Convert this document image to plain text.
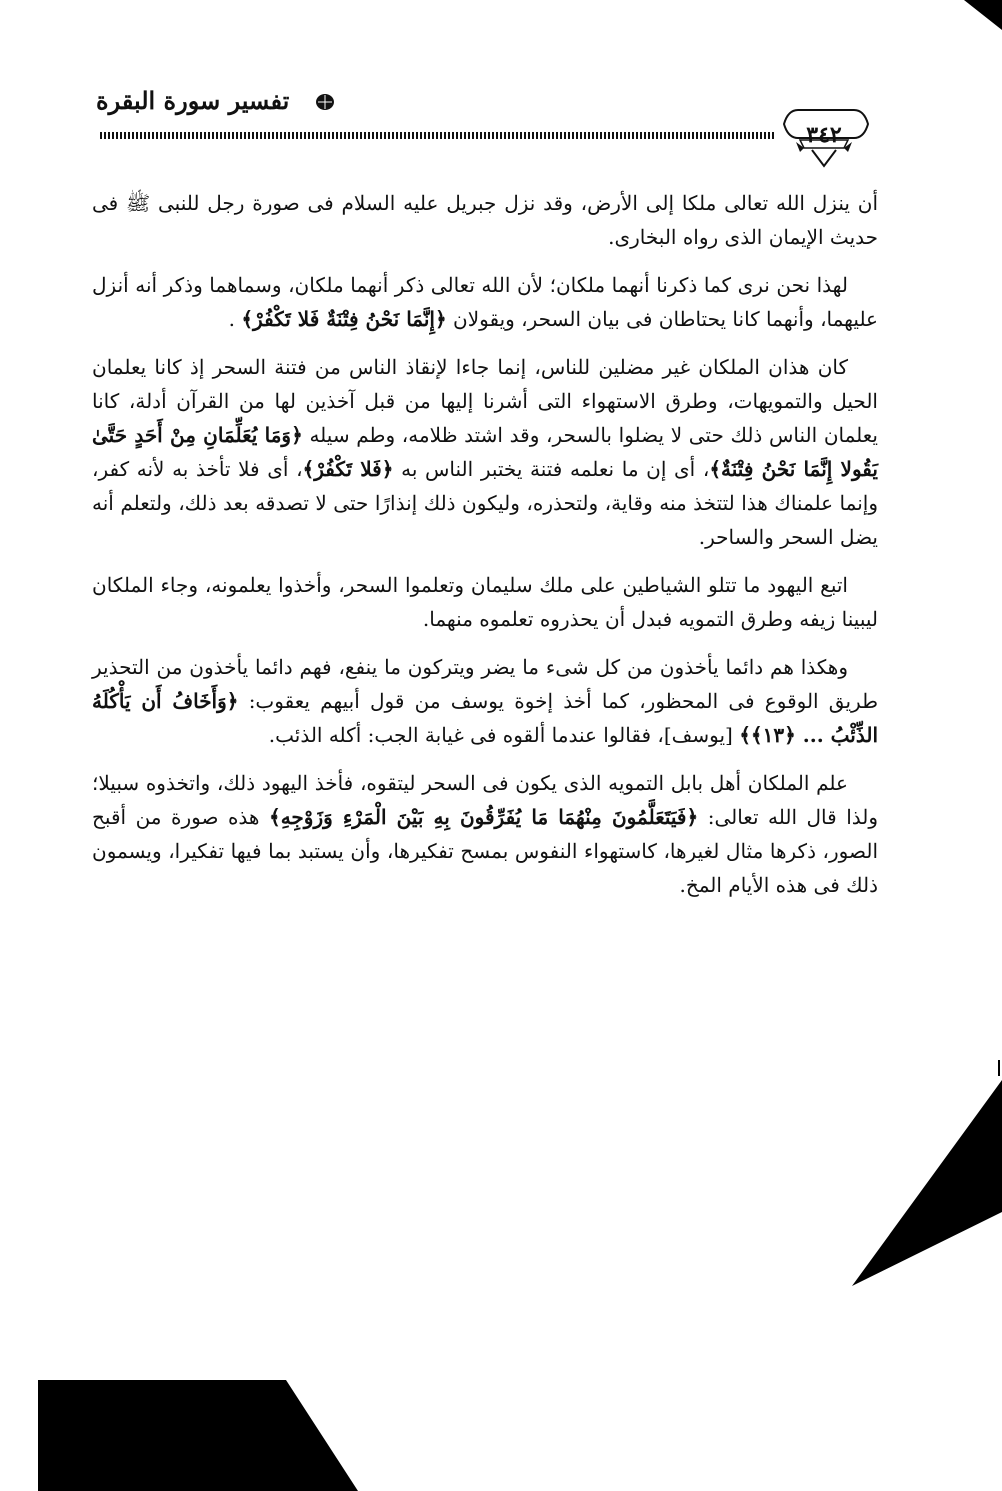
تفسير سورة البقرة
٣٤٢

أن ينزل الله تعالى ملكا إلى الأرض، وقد نزل جبريل عليه السلام فى صورة رجل للنبى ﷺ فى حديث الإيمان الذى رواه البخارى.

لهذا نحن نرى كما ذكرنا أنهما ملكان؛ لأن الله تعالى ذكر أنهما ملكان، وسماهما وذكر أنه أنزل عليهما، وأنهما كانا يحتاطان فى بيان السحر، ويقولان ﴿إِنَّمَا نَحْنُ فِتْنَةٌ فَلا تَكْفُرْ﴾ .

كان هذان الملكان غير مضلين للناس، إنما جاءا لإنقاذ الناس من فتنة السحر إذ كانا يعلمان الحيل والتمويهات، وطرق الاستهواء التى أشرنا إليها من قبل آخذين لها من القرآن أدلة، كانا يعلمان الناس ذلك حتى لا يضلوا بالسحر، وقد اشتد ظلامه، وطم سيله ﴿وَمَا يُعَلِّمَانِ مِنْ أَحَدٍ حَتَّىٰ يَقُولا إِنَّمَا نَحْنُ فِتْنَةٌ﴾، أى إن ما نعلمه فتنة يختبر الناس به ﴿فَلا تَكْفُرْ﴾، أى فلا تأخذ به لأنه كفر، وإنما علمناك هذا لتتخذ منه وقاية، ولتحذره، وليكون ذلك إنذارًا حتى لا تصدقه بعد ذلك، ولتعلم أنه يضل السحر والساحر.

اتبع اليهود ما تتلو الشياطين على ملك سليمان وتعلموا السحر، وأخذوا يعلمونه، وجاء الملكان ليبينا زيفه وطرق التمويه فبدل أن يحذروه تعلموه منهما.

وهكذا هم دائما يأخذون من كل شىء ما يضر ويتركون ما ينفع، فهم دائما يأخذون من التحذير طريق الوقوع فى المحظور، كما أخذ إخوة يوسف من قول أبيهم يعقوب: ﴿وَأَخَافُ أَن يَأْكُلَهُ الذِّئْبُ ... ﴿١٣﴾﴾ [يوسف]، فقالوا عندما ألقوه فى غيابة الجب: أكله الذئب.

علم الملكان أهل بابل التمويه الذى يكون فى السحر ليتقوه، فأخذ اليهود ذلك، واتخذوه سبيلا؛ ولذا قال الله تعالى: ﴿فَيَتَعَلَّمُونَ مِنْهُمَا مَا يُفَرِّقُونَ بِهِ بَيْنَ الْمَرْءِ وَزَوْجِهِ﴾ هذه صورة من أقبح الصور، ذكرها مثال لغيرها، كاستهواء النفوس بمسح تفكيرها، وأن يستبد بما فيها تفكيرا، ويسمون ذلك فى هذه الأيام المخ.
